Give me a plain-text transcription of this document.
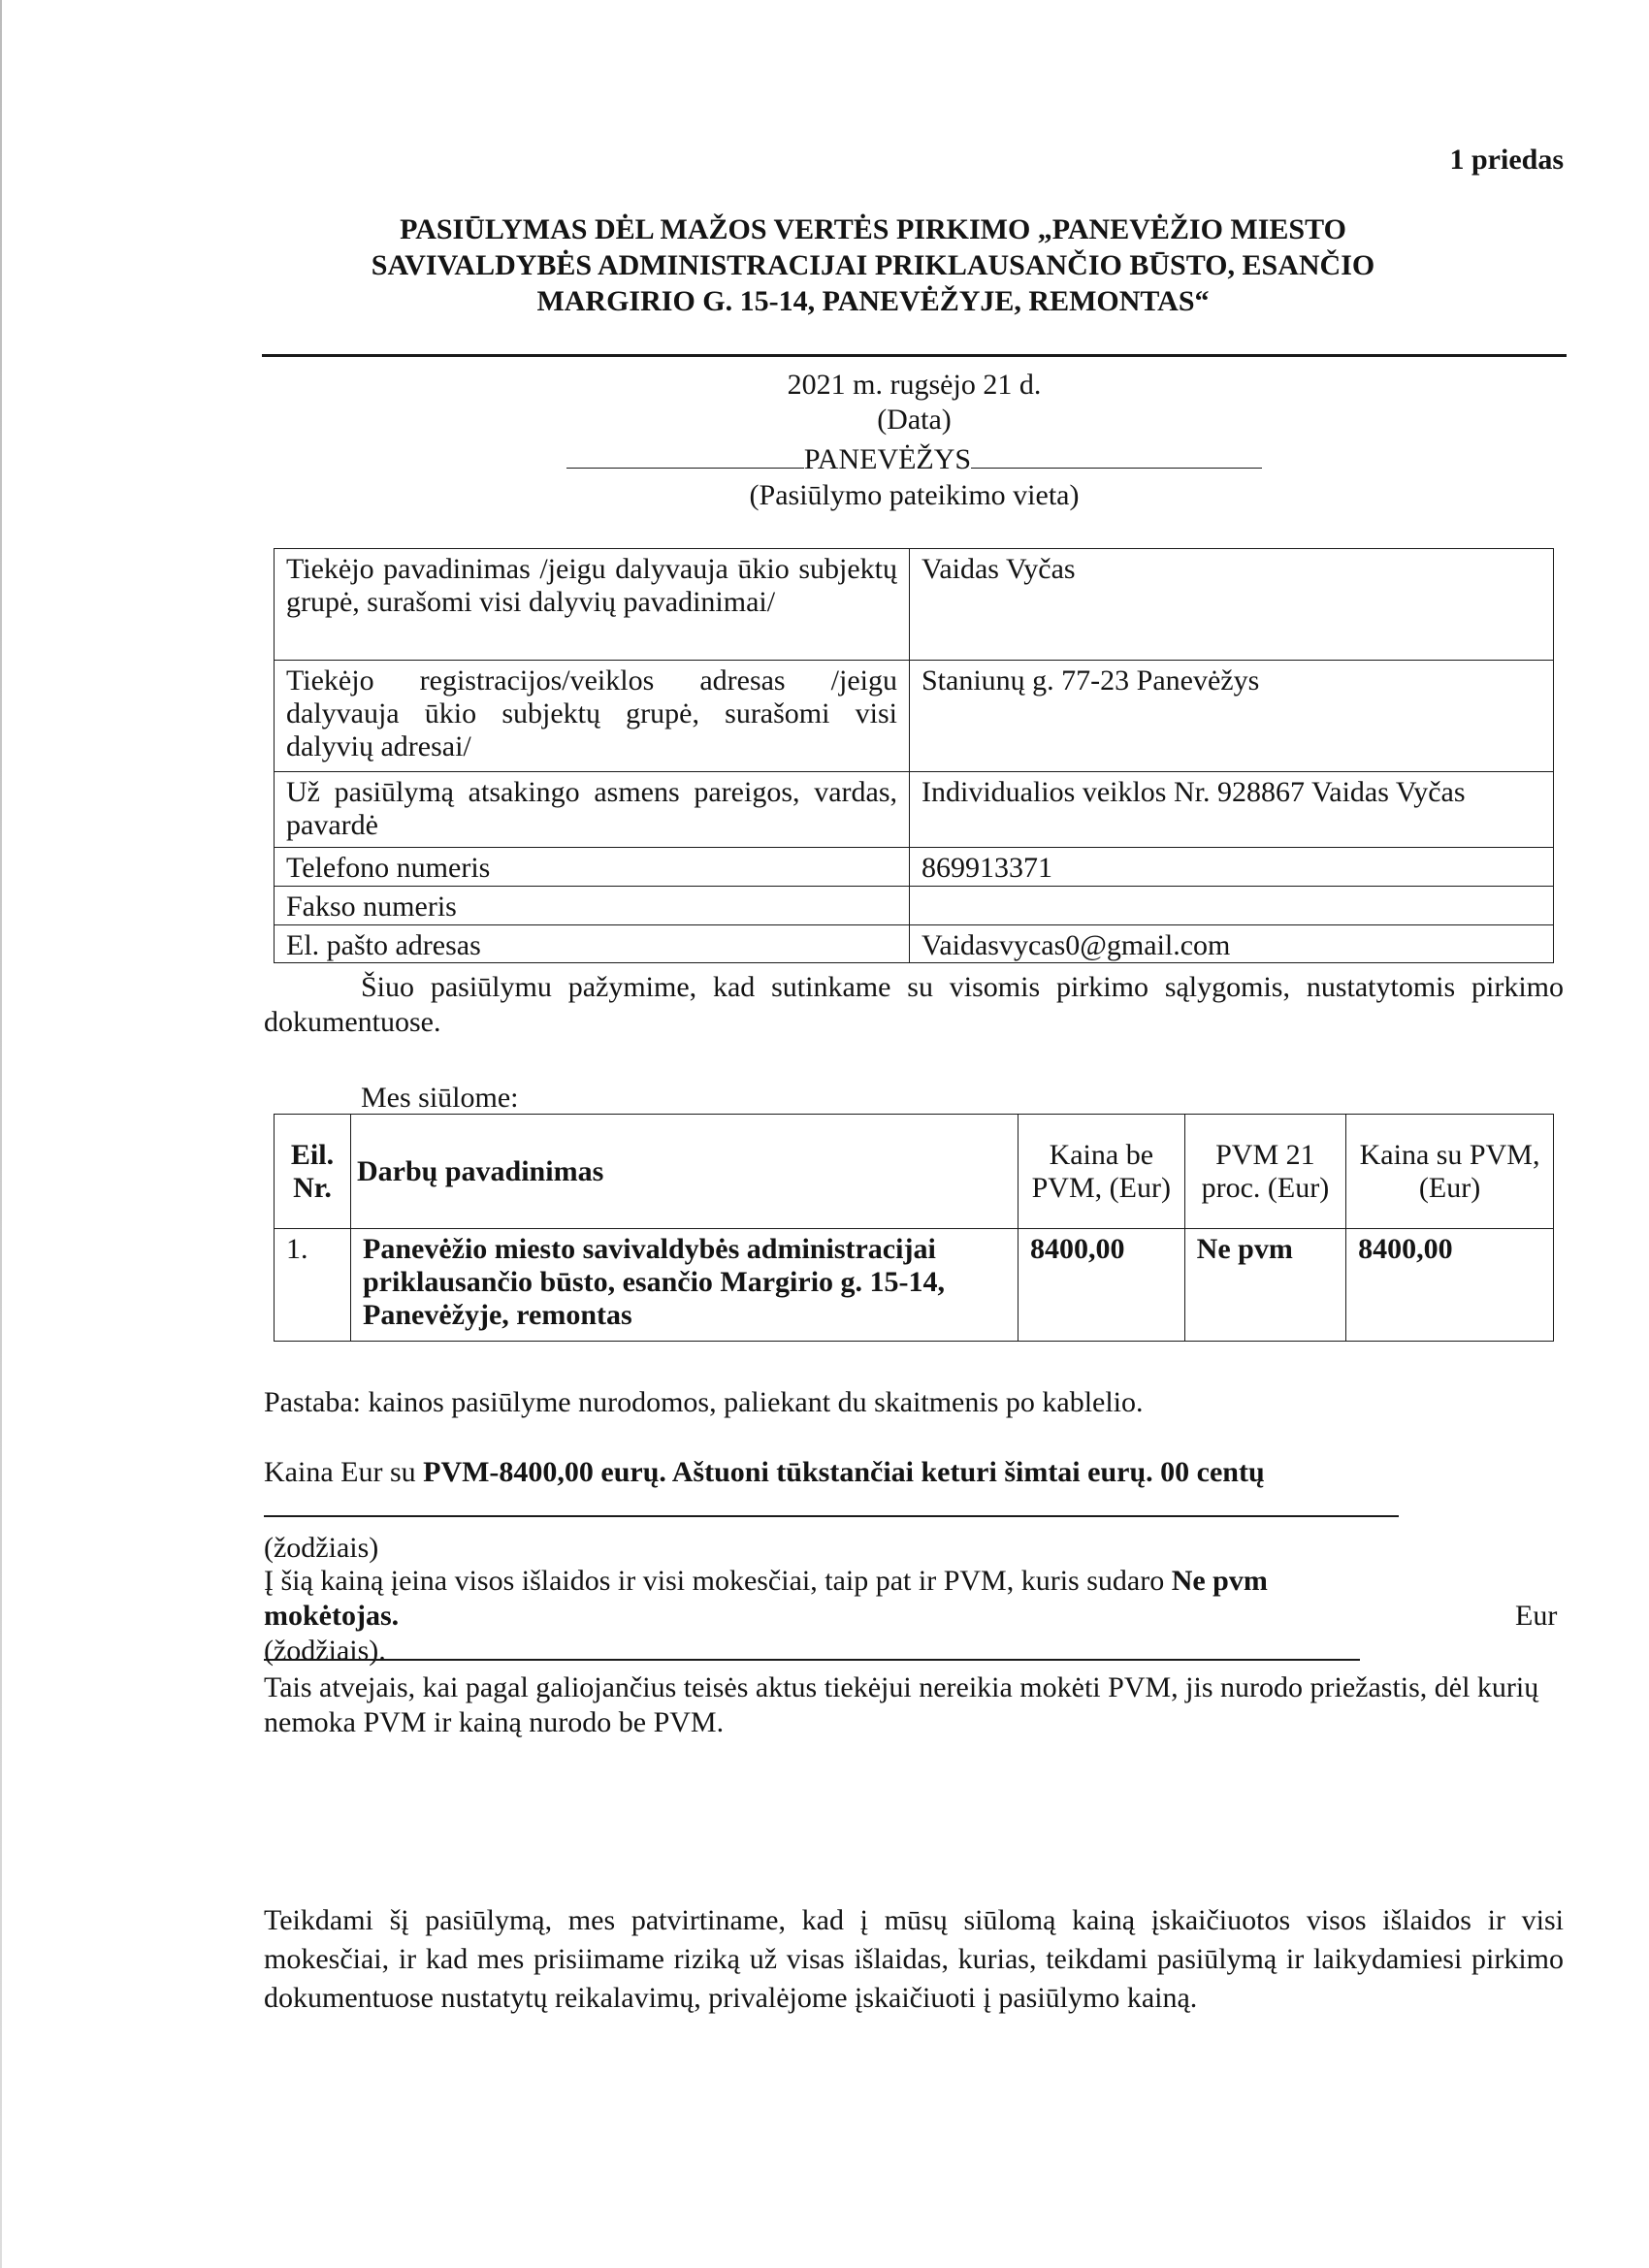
1 priedas
PASIŪLYMAS DĖL MAŽOS VERTĖS PIRKIMO „PANEVĖŽIO MIESTO
SAVIVALDYBĖS ADMINISTRACIJAI PRIKLAUSANČIO BŪSTO, ESANČIO
MARGIRIO G. 15-14, PANEVĖŽYJE, REMONTAS“
2021 m. rugsėjo 21 d.
(Data)
PANEVĖŽYS
(Pasiūlymo pateikimo vieta)
Tiekėjo pavadinimas /jeigu dalyvauja ūkio subjektų grupė, surašomi visi dalyvių pavadinimai/	Vaidas Vyčas
Tiekėjo registracijos/veiklos adresas /jeigu dalyvauja ūkio subjektų grupė, surašomi visi dalyvių adresai/	Staniunų g. 77-23 Panevėžys
Už pasiūlymą atsakingo asmens pareigos, vardas, pavardė	Individualios veiklos Nr. 928867 Vaidas Vyčas
Telefono numeris	869913371
Fakso numeris	
El. pašto adresas	Vaidasvycas0@gmail.com
Šiuo pasiūlymu pažymime, kad sutinkame su visomis pirkimo sąlygomis, nustatytomis pirkimo dokumentuose.
Mes siūlome:
Eil. Nr.	Darbų pavadinimas	Kaina be PVM, (Eur)	PVM 21 proc. (Eur)	Kaina su PVM, (Eur)
1.	Panevėžio miesto savivaldybės administracijai priklausančio būsto, esančio Margirio g. 15-14, Panevėžyje, remontas	8400,00	Ne pvm	8400,00
Pastaba: kainos pasiūlyme nurodomos, paliekant du skaitmenis po kablelio.
Kaina Eur su PVM-8400,00 eurų. Aštuoni tūkstančiai keturi šimtai eurų. 00 centų
(žodžiais)
Į šią kainą įeina visos išlaidos ir visi mokesčiai, taip pat ir PVM, kuris sudaro Ne pvm mokėtojas.	Eur
(žodžiais).
Tais atvejais, kai pagal galiojančius teisės aktus tiekėjui nereikia mokėti PVM, jis nurodo priežastis, dėl kurių nemoka PVM ir kainą nurodo be PVM.
Teikdami šį pasiūlymą, mes patvirtiname, kad į mūsų siūlomą kainą įskaičiuotos visos išlaidos ir visi mokesčiai, ir kad mes prisiimame riziką už visas išlaidas, kurias, teikdami pasiūlymą ir laikydamiesi pirkimo dokumentuose nustatytų reikalavimų, privalėjome įskaičiuoti į pasiūlymo kainą.
